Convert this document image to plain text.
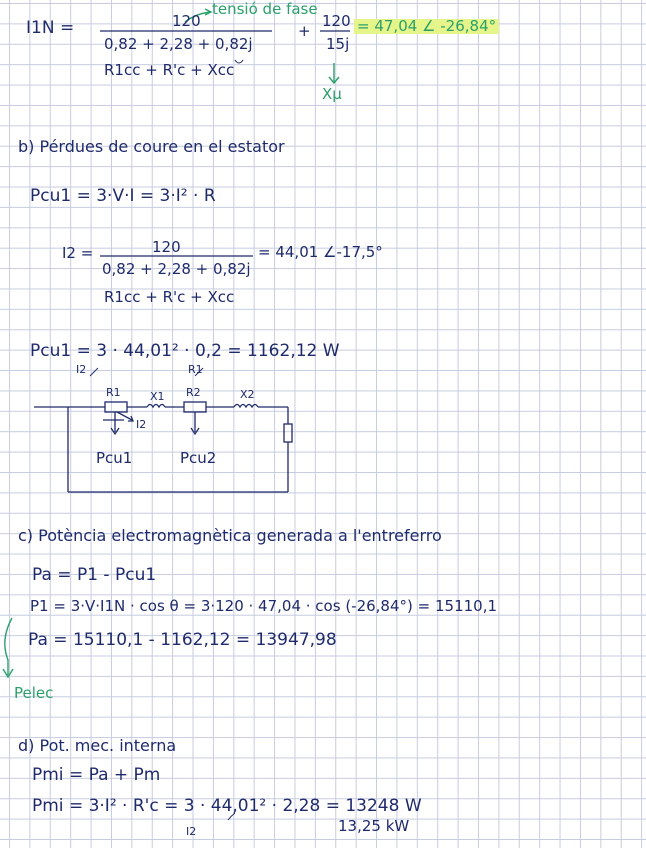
I1N =	120
tensió de fase
0,82 + 2,28 + 0,82j
+
120
15j
= 47,04 ∠ -26,84°
R1cc + R'c + Xcc
Xμ
b) Pérdues de coure en el estator
Pcu1 = 3·V·I = 3·I² · R
I2 =	120
0,82 + 2,28 + 0,82j
= 44,01 ∠-17,5°
R1cc + R'c + Xcc
Pcu1 = 3 · 44,01² · 0,2 = 1162,12 W
I2	R1
R1	X1 R2	X2
I2
Pcu1	Pcu2
c) Potència electromagnètica generada a l'entreferro
Pa = P1 - Pcu1
P1 = 3·V·I1N · cos θ = 3·120 · 47,04 · cos (-26,84°) = 15110,1
Pa = 15110,1 - 1162,12 = 13947,98
Pelec
d) Pot. mec. interna
Pmi = Pa + Pm
Pmi = 3·I² · R'c = 3 · 44,01² · 2,28 = 13248 W
13,25 kW
I2
